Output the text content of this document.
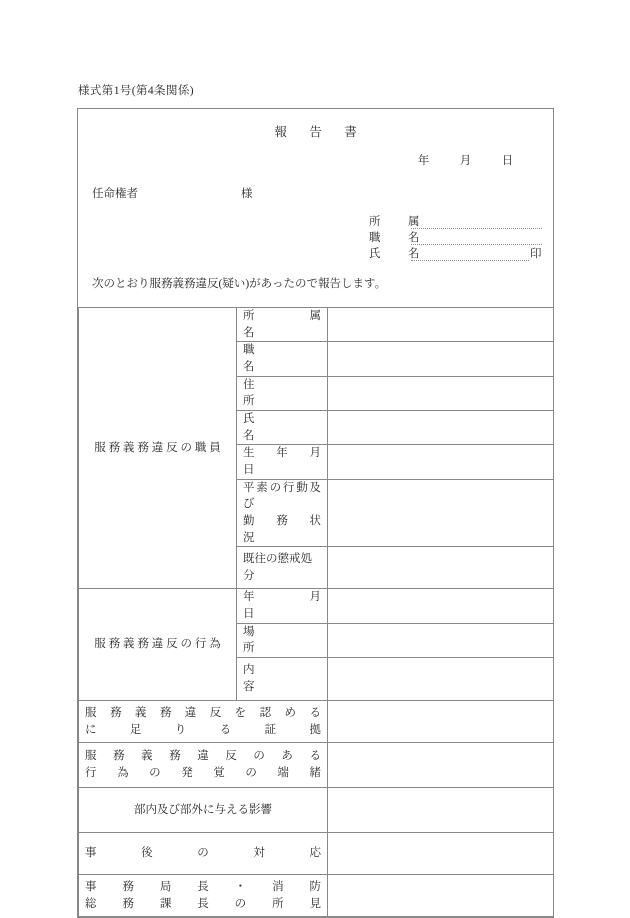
様式第1号(第4条関係)
報　告　書
年	月	日
任命権者	様
所　属
職　名
氏　名	印
次のとおり服務義務違反(疑い)があったので報告します。
服 務 義 務 違 反 の 職 員	所　　属　　名	

	職　　　　　名	

	住　　　　　所	

	氏　　　　　名	

	生　年　月　日	

	平素の行動及び
勤　務　状　況	

	既往の懲戒処分	

服 務 義 務 違 反 の 行 為	年　　月　　日	

	場　　　　　所	

	内　　　　　容	

服 務 義 務 違 反 を 認 め る
に　　足　　り　　る　　証　　拠		

服 務 義 務 違 反 の あ る
行 為 の 発 覚 の 端 緒		

部内及び部外に与える影響		

事　　後　　の　　対　　応		

事 務 局 長 ・ 消 防
総 務 課 長 の 所 見		
